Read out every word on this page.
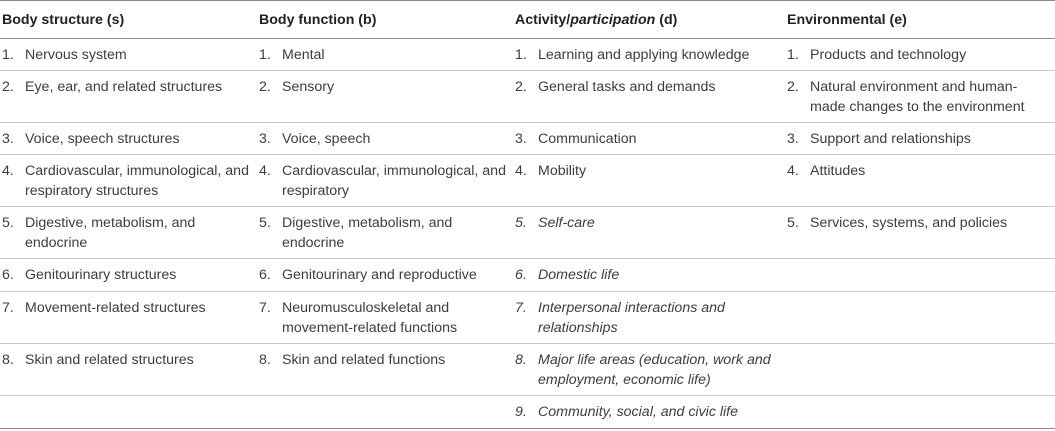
Body structure (s)	Body function (b)	Activity/participation (d)	Environmental (e)

1. Nervous system	1. Mental	1. Learning and applying knowledge	1. Products and technology

2. Eye, ear, and related structures	2. Sensory	2. General tasks and demands	2. Natural environment and human-made changes to the environment

3. Voice, speech structures	3. Voice, speech	3. Communication	3. Support and relationships

4. Cardiovascular, immunological, and respiratory structures	4. Cardiovascular, immunological, and respiratory	4. Mobility	4. Attitudes

5. Digestive, metabolism, and endocrine	5. Digestive, metabolism, and endocrine	5. Self-care	5. Services, systems, and policies

6. Genitourinary structures	6. Genitourinary and reproductive	6. Domestic life	

7. Movement-related structures	7. Neuromusculoskeletal and movement-related functions	7. Interpersonal interactions and relationships	

8. Skin and related structures	8. Skin and related functions	8. Major life areas (education, work and employment, economic life)	

		9. Community, social, and civic life	
